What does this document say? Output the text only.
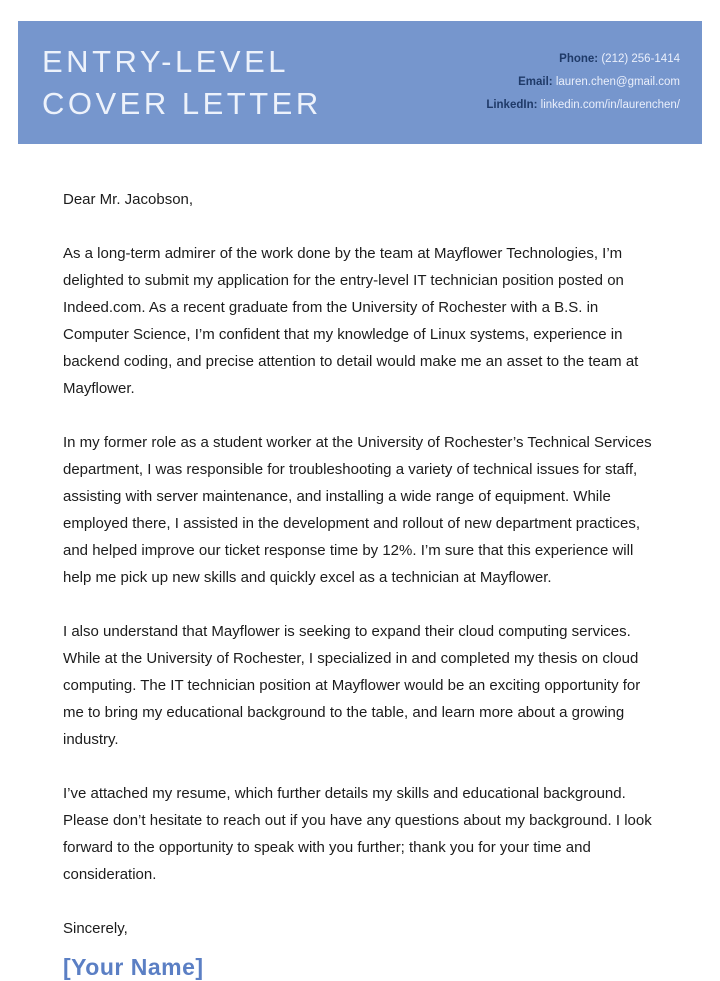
ENTRY-LEVEL
COVER LETTER
Phone: (212) 256-1414
Email: lauren.chen@gmail.com
LinkedIn: linkedin.com/in/laurenchen/

Dear Mr. Jacobson,

As a long-term admirer of the work done by the team at Mayflower Technologies, I’m delighted to submit my application for the entry-level IT technician position posted on Indeed.com. As a recent graduate from the University of Rochester with a B.S. in Computer Science, I’m confident that my knowledge of Linux systems, experience in backend coding, and precise attention to detail would make me an asset to the team at Mayflower.

In my former role as a student worker at the University of Rochester’s Technical Services department, I was responsible for troubleshooting a variety of technical issues for staff, assisting with server maintenance, and installing a wide range of equipment. While employed there, I assisted in the development and rollout of new department practices, and helped improve our ticket response time by 12%. I’m sure that this experience will help me pick up new skills and quickly excel as a technician at Mayflower.

I also understand that Mayflower is seeking to expand their cloud computing services. While at the University of Rochester, I specialized in and completed my thesis on cloud computing. The IT technician position at Mayflower would be an exciting opportunity for me to bring my educational background to the table, and learn more about a growing industry.

I’ve attached my resume, which further details my skills and educational background. Please don’t hesitate to reach out if you have any questions about my background. I look forward to the opportunity to speak with you further; thank you for your time and consideration.

Sincerely,

[Your Name]
